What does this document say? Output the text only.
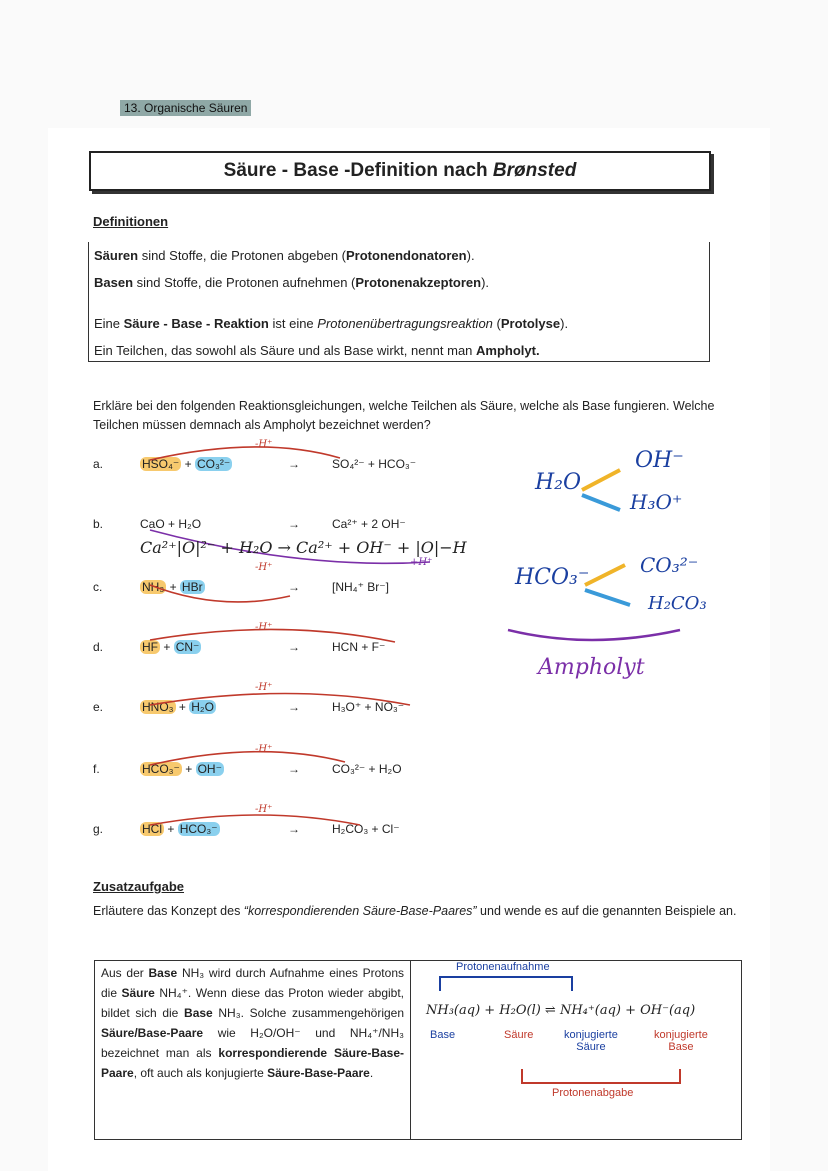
13. Organische Säuren
Säure - Base -Definition nach Brønsted
Definitionen

Säuren sind Stoffe, die Protonen abgeben (Protonendonatoren).

Basen sind Stoffe, die Protonen aufnehmen (Protonenakzeptoren).

Eine Säure - Base - Reaktion ist eine Protonenübertragungsreaktion (Protolyse).

Ein Teilchen, das sowohl als Säure und als Base wirkt, nennt man Ampholyt.

Erkläre bei den folgenden Reaktionsgleichungen, welche Teilchen als Säure, welche als Base fungieren. Welche Teilchen müssen demnach als Ampholyt bezeichnet werden?
a.	HSO₄⁻ + CO₃²⁻	→	SO₄²⁻ + HCO₃⁻
-H⁺
b.	CaO + H₂O	→	Ca²⁺ + 2 OH⁻
c.	NH₃ + HBr	→	[NH₄⁺ Br⁻]
-H⁺
d.	HF + CN⁻	→	HCN + F⁻
-H⁺
e.	HNO₃ + H₂O	→	H₃O⁺ + NO₃⁻
-H⁺
f.	HCO₃⁻ + OH⁻	→	CO₃²⁻ + H₂O
-H⁺
g.	HCl + HCO₃⁻	→	H₂CO₃ + Cl⁻
-H⁺
Ca²⁺|O|²⁻ + H₂O → Ca²⁺ + OH⁻ + |O|−H
+H⁺
H₂O
OH⁻
H₃O⁺
HCO₃⁻	CO₃²⁻
H₂CO₃
Ampholyt
Zusatzaufgabe
Erläutere das Konzept des “korrespondierenden Säure-Base-Paares” und wende es auf die genannten Beispiele an.
Aus der Base NH₃ wird durch Aufnahme eines Protons die Säure NH₄⁺. Wenn diese das Proton wieder abgibt, bildet sich die Base NH₃. Solche zusammengehörigen Säure/Base-Paare wie H₂O/OH⁻ und NH₄⁺/NH₃ bezeichnet man als korrespondierende Säure-Base-Paare, oft auch als konjugierte Säure-Base-Paare.
Protonenaufnahme
NH₃(aq) + H₂O(l) ⇌ NH₄⁺(aq) + OH⁻(aq)
Base	Säure	konjugierte
Säure
konjugierte
Base
Protonenabgabe
